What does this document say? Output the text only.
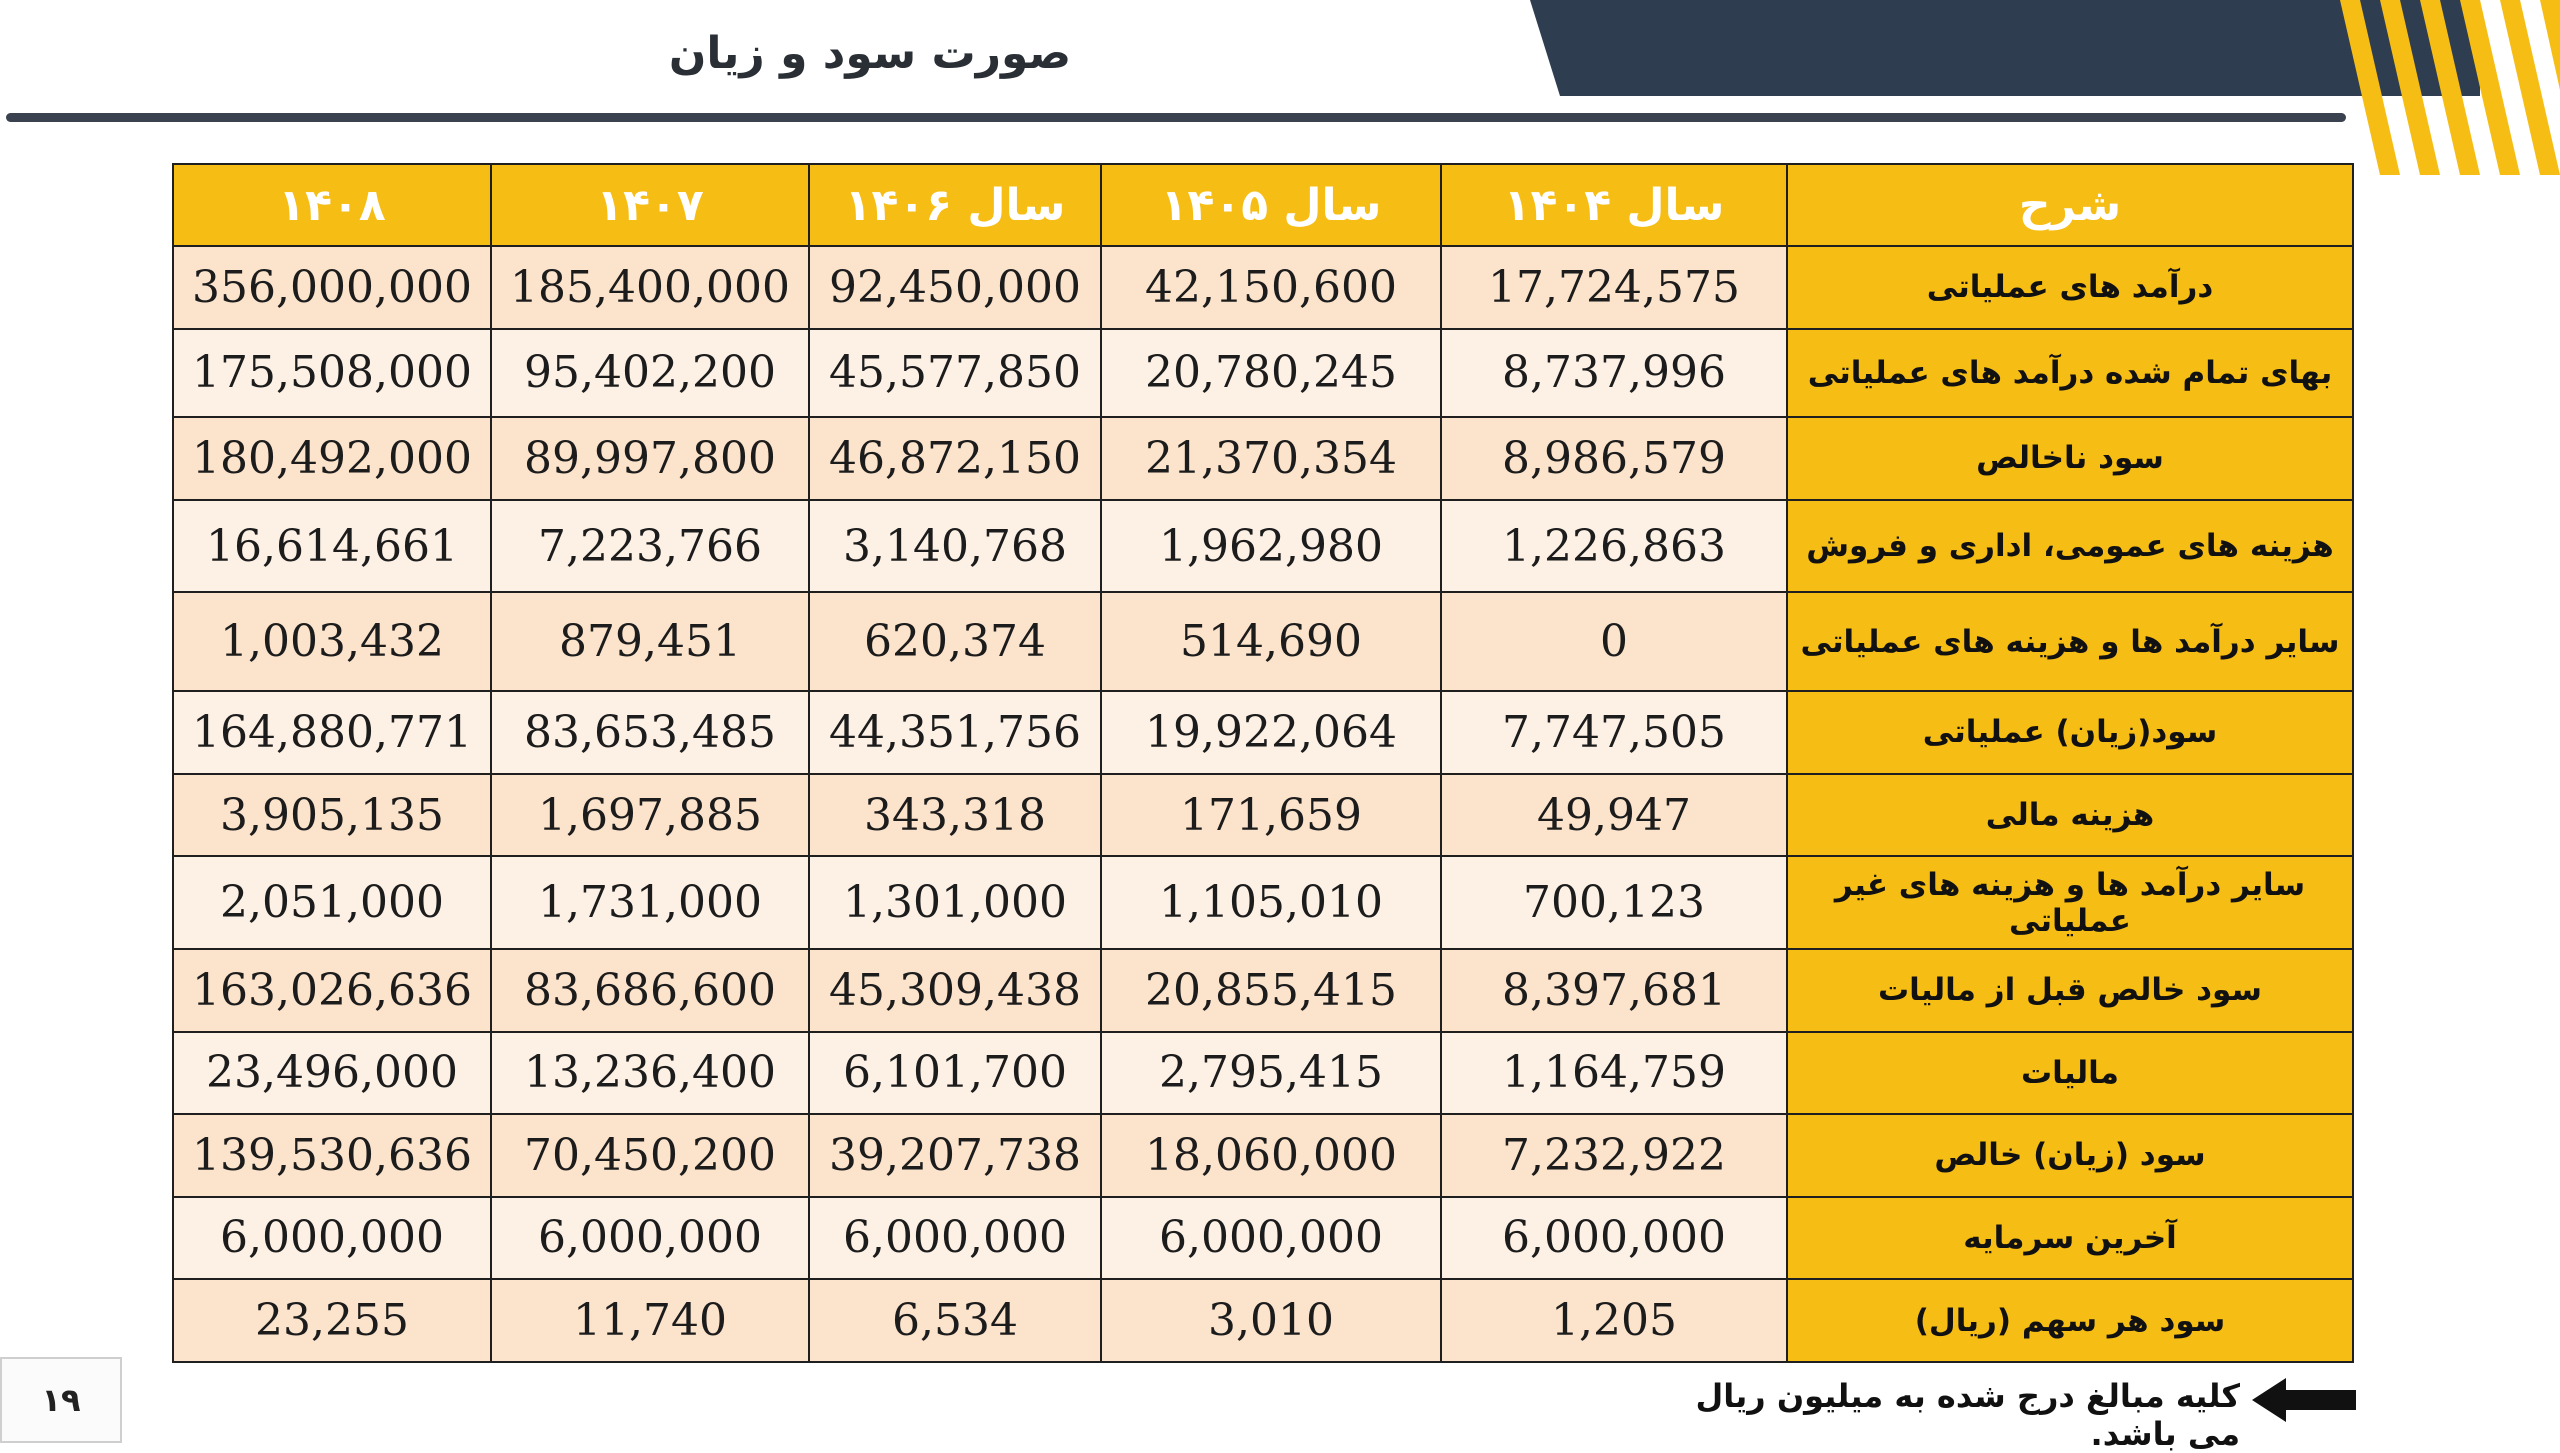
صورت سود و زیان
شرح	سال ۱۴۰۴	سال ۱۴۰۵	سال ۱۴۰۶	۱۴۰۷	۱۴۰۸
درآمد های عملیاتی	17,724,575	42,150,600	92,450,000	185,400,000	356,000,000
بهای تمام شده درآمد های عملیاتی	8,737,996	20,780,245	45,577,850	95,402,200	175,508,000
سود ناخالص	8,986,579	21,370,354	46,872,150	89,997,800	180,492,000
هزینه های عمومی، اداری و فروش	1,226,863	1,962,980	3,140,768	7,223,766	16,614,661
سایر درآمد ها و هزینه های عملیاتی	0	514,690	620,374	879,451	1,003,432
سود(زیان) عملیاتی	7,747,505	19,922,064	44,351,756	83,653,485	164,880,771
هزینه مالی	49,947	171,659	343,318	1,697,885	3,905,135
سایر درآمد ها و هزینه های غیر عملیاتی	700,123	1,105,010	1,301,000	1,731,000	2,051,000
سود خالص قبل از مالیات	8,397,681	20,855,415	45,309,438	83,686,600	163,026,636
مالیات	1,164,759	2,795,415	6,101,700	13,236,400	23,496,000
سود (زیان) خالص	7,232,922	18,060,000	39,207,738	70,450,200	139,530,636
آخرین سرمایه	6,000,000	6,000,000	6,000,000	6,000,000	6,000,000
سود هر سهم (ریال)	1,205	3,010	6,534	11,740	23,255
۱۹	کلیه مبالغ درج شده به میلیون ریال می باشد.
